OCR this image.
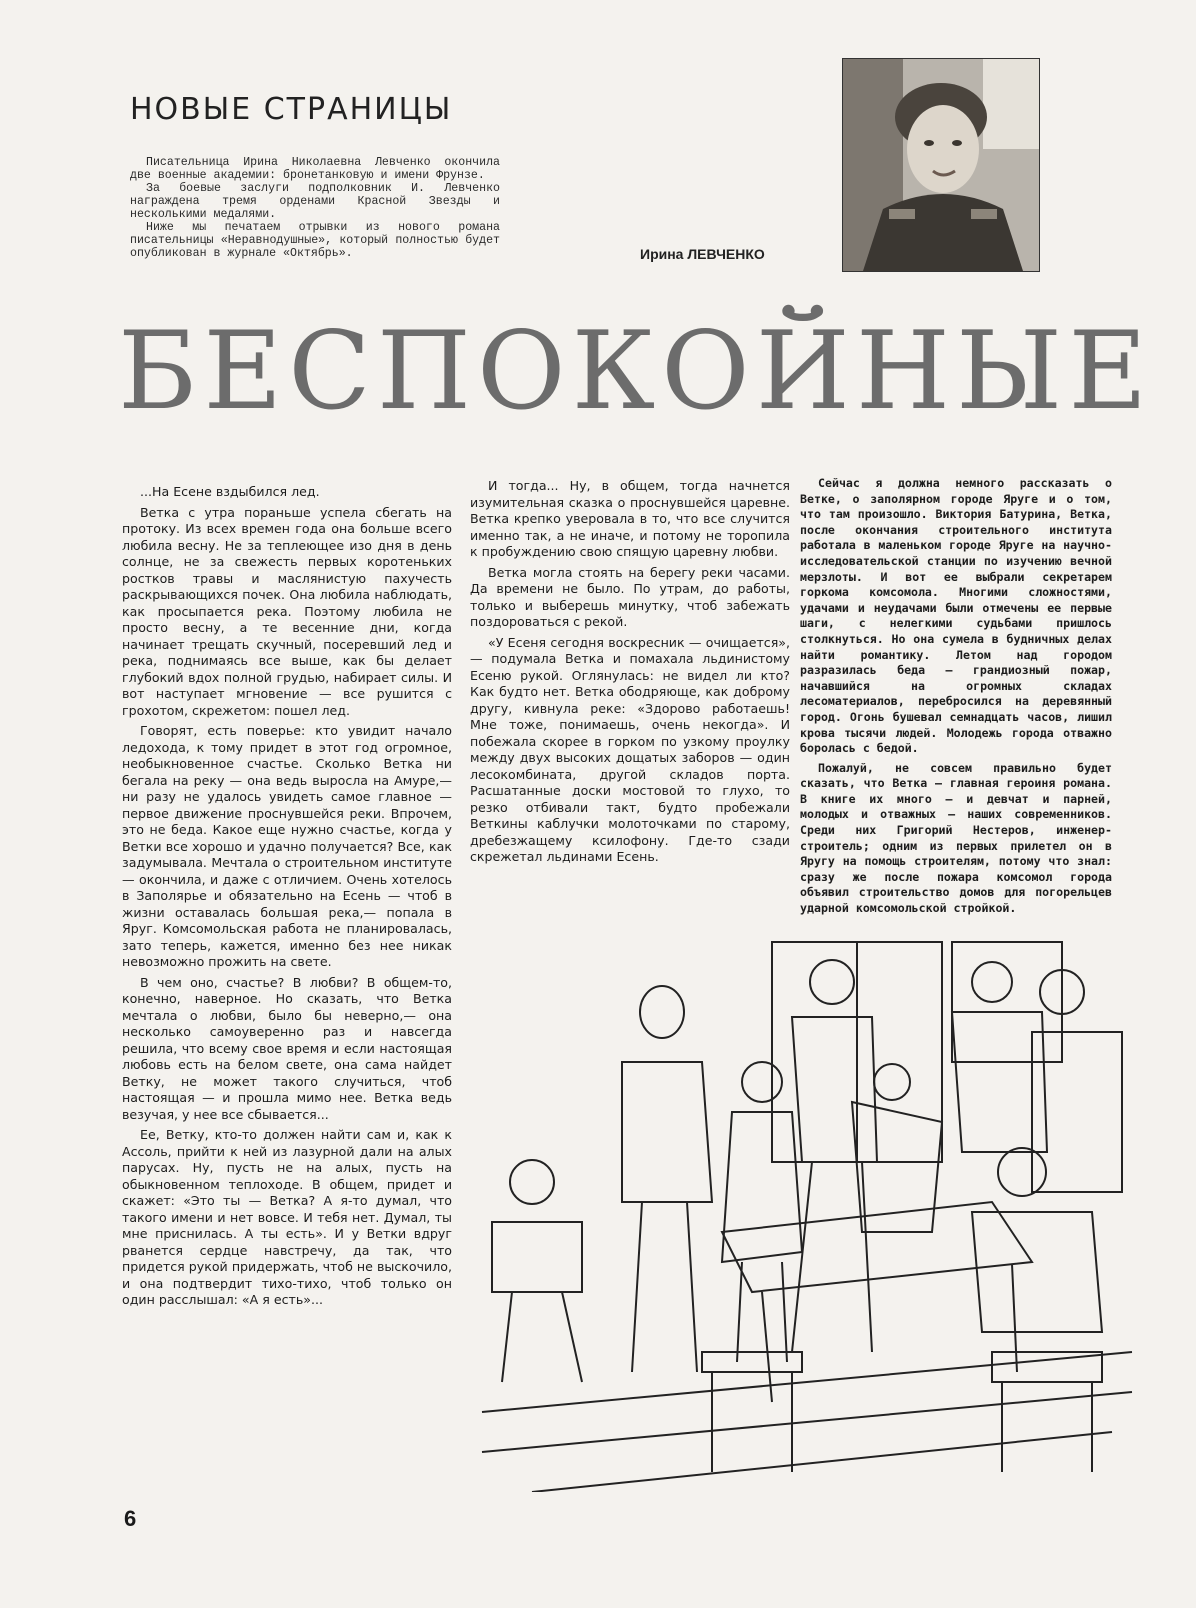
НОВЫЕ СТРАНИЦЫ

Писательница Ирина Николаевна Левченко окончила две военные академии: бронетанковую и имени Фрунзе.

За боевые заслуги подполковник И. Левченко награждена тремя орденами Красной Звезды и несколькими медалями.

Ниже мы печатаем отрывки из нового романа писательницы «Неравнодушные», который полностью будет опубликован в журнале «Октябрь».	Ирина ЛЕВЧЕНКО
БЕСПОКОЙНЫЕ

...На Есене вздыбился лед.

Ветка с утра пораньше успела сбегать на протоку. Из всех времен года она больше всего любила весну. Не за теплеющее изо дня в день солнце, не за свежесть первых коротеньких ростков травы и маслянистую пахучесть раскрывающихся почек. Она любила наблюдать, как просыпается река. Поэтому любила не просто весну, а те весенние дни, когда начинает трещать скучный, посеревший лед и река, поднимаясь все выше, как бы делает глубокий вдох полной грудью, набирает силы. И вот наступает мгновение — все рушится с грохотом, скрежетом: пошел лед.

Говорят, есть поверье: кто увидит начало ледохода, к тому придет в этот год огромное, необыкновенное счастье. Сколько Ветка ни бегала на реку — она ведь выросла на Амуре,— ни разу не удалось увидеть самое главное — первое движение проснувшейся реки. Впрочем, это не беда. Какое еще нужно счастье, когда у Ветки все хорошо и удачно получается? Все, как задумывала. Мечтала о строительном институте — окончила, и даже с отличием. Очень хотелось в Заполярье и обязательно на Есень — чтоб в жизни оставалась большая река,— попала в Яруг. Комсомольская работа не планировалась, зато теперь, кажется, именно без нее никак невозможно прожить на свете.

В чем оно, счастье? В любви? В общем-то, конечно, наверное. Но сказать, что Ветка мечтала о любви, было бы неверно,— она несколько самоуверенно раз и навсегда решила, что всему свое время и если настоящая любовь есть на белом свете, она сама найдет Ветку, не может такого случиться, чтоб настоящая — и прошла мимо нее. Ветка ведь везучая, у нее все сбывается...

Ее, Ветку, кто-то должен найти сам и, как к Ассоль, прийти к ней из лазурной дали на алых парусах. Ну, пусть не на алых, пусть на обыкновенном теплоходе. В общем, придет и скажет: «Это ты — Ветка? А я-то думал, что такого имени и нет вовсе. И тебя нет. Думал, ты мне приснилась. А ты есть». И у Ветки вдруг рванется сердце навстречу, да так, что придется рукой придержать, чтоб не выскочило, и она подтвердит тихо-тихо, чтоб только он один расслышал: «А я есть»...

И тогда... Ну, в общем, тогда начнется изумительная сказка о проснувшейся царевне. Ветка крепко уверовала в то, что все случится именно так, а не иначе, и потому не торопила к пробуждению свою спящую царевну любви.

Ветка могла стоять на берегу реки часами. Да времени не было. По утрам, до работы, только и выберешь минутку, чтоб забежать поздороваться с рекой.

«У Есеня сегодня воскресник — очищается»,— подумала Ветка и помахала льдинистому Есеню рукой. Оглянулась: не видел ли кто? Как будто нет. Ветка ободряюще, как доброму другу, кивнула реке: «Здорово работаешь! Мне тоже, понимаешь, очень некогда». И побежала скорее в горком по узкому проулку между двух высоких дощатых заборов — один лесокомбината, другой складов порта. Расшатанные доски мостовой то глухо, то резко отбивали такт, будто пробежали Веткины каблучки молоточками по старому, дребезжащему ксилофону. Где-то сзади скрежетал льдинами Есень.

Сейчас я должна немного рассказать о Ветке, о заполярном городе Яруге и о том, что там произошло. Виктория Батурина, Ветка, после окончания строительного института работала в маленьком городе Яруге на научно-исследовательской станции по изучению вечной мерзлоты. И вот ее выбрали секретарем горкома комсомола. Многими сложностями, удачами и неудачами были отмечены ее первые шаги, с нелегкими судьбами пришлось столкнуться. Но она сумела в будничных делах найти романтику. Летом над городом разразилась беда — грандиозный пожар, начавшийся на огромных складах лесоматериалов, перебросился на деревянный город. Огонь бушевал семнадцать часов, лишил крова тысячи людей. Молодежь города отважно боролась с бедой.

Пожалуй, не совсем правильно будет сказать, что Ветка — главная героиня романа. В книге их много — и девчат и парней, молодых и отважных — наших современников. Среди них Григорий Нестеров, инженер-строитель; одним из первых прилетел он в Яругу на помощь строителям, потому что знал: сразу же после пожара комсомол города объявил строительство домов для погорельцев ударной комсомольской стройкой.

6
